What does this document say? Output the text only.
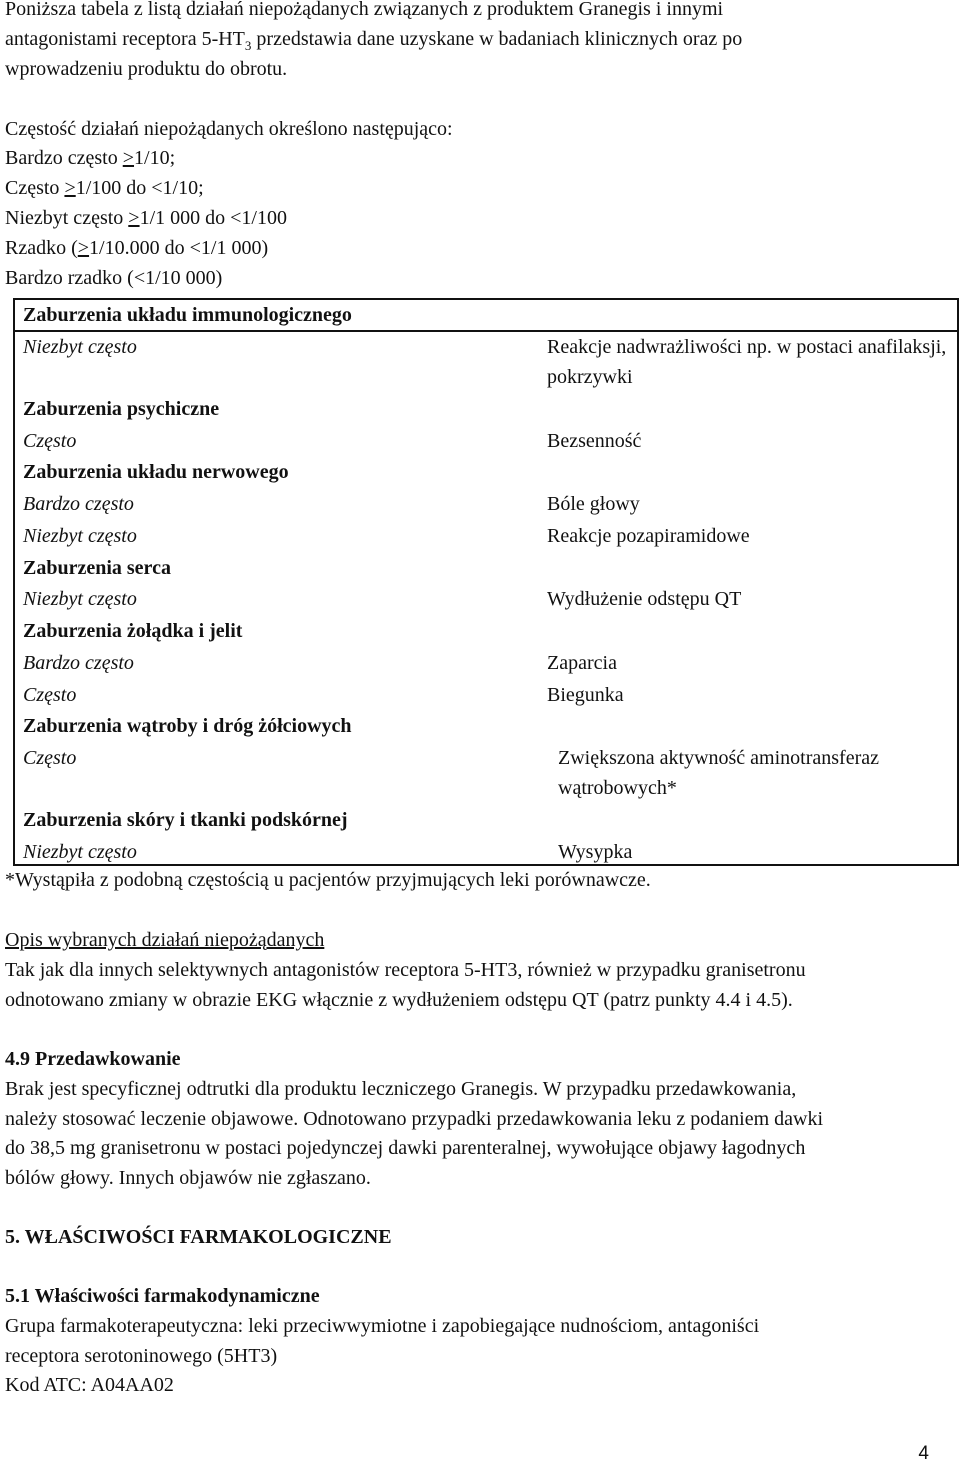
Poniższa tabela z listą działań niepożądanych związanych z produktem Granegis i innymi
antagonistami receptora $5-HT_3$ przedstawia dane uzyskane w badaniach klinicznych oraz po
wprowadzeniu produktu do obrotu.
Częstość działań niepożądanych określono następująco:
Bardzo często ≥1/10;
Często ≥1/100 do <1/10;
Niezbyt często ≥1/1 000 do <1/100
Rzadko (≥1/10.000 do <1/1 000)
Bardzo rzadko (<1/10 000)
Zaburzenia układu immunologicznego
Niezbyt często	Reakcje nadwrażliwości np. w postaci anafilaksji, pokrzywki
Zaburzenia psychiczne
Często	Bezsenność
Zaburzenia układu nerwowego
Bardzo często	Bóle głowy
Niezbyt często	Reakcje pozapiramidowe
Zaburzenia serca
Niezbyt często	Wydłużenie odstępu QT
Zaburzenia żołądka i jelit
Bardzo często	Zaparcia
Często	Biegunka
Zaburzenia wątroby i dróg żółciowych
Często	Zwiększona aktywność aminotransferaz wątrobowych*
Zaburzenia skóry i tkanki podskórnej
Niezbyt często	Wysypka
*Wystąpiła z podobną częstością u pacjentów przyjmujących leki porównawcze.
Opis wybranych działań niepożądanych
Tak jak dla innych selektywnych antagonistów receptora 5-HT3, również w przypadku granisetronu
odnotowano zmiany w obrazie EKG włącznie z wydłużeniem odstępu QT (patrz punkty 4.4 i 4.5).
4.9 Przedawkowanie
Brak jest specyficznej odtrutki dla produktu leczniczego Granegis. W przypadku przedawkowania,
należy stosować leczenie objawowe. Odnotowano przypadki przedawkowania leku z podaniem dawki
do 38,5 mg granisetronu w postaci pojedynczej dawki parenteralnej, wywołujące objawy łagodnych
bólów głowy. Innych objawów nie zgłaszano.
5. WŁAŚCIWOŚCI FARMAKOLOGICZNE
5.1 Właściwości farmakodynamiczne
Grupa farmakoterapeutyczna: leki przeciwwymiotne i zapobiegające nudnościom, antagoniści
receptora serotoninowego (5HT3)
Kod ATC: A04AA02
4
